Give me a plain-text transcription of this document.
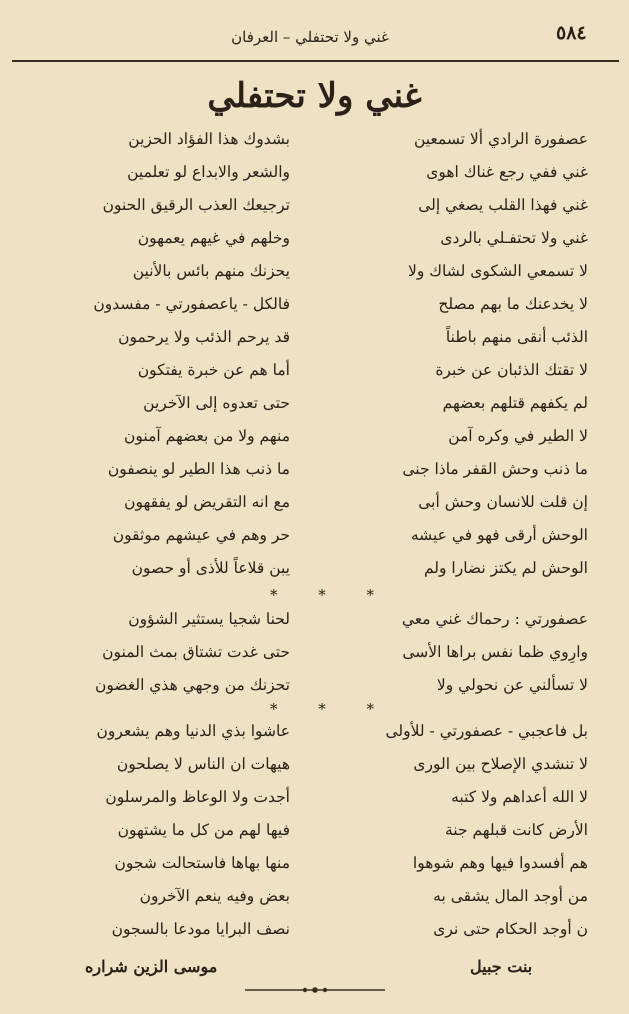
٥٨٤
غني ولا تحتفلي – العرفان
غني ولا تحتفلي
عصفورة الرادي ألا تسمعين
غني ففي رجع غناك اهوى
غني فهذا القلب يصغي إلى
غني ولا تحتفـلي بالردى
لا تسمعي الشكوى لشاك ولا
لا يخدعنك ما بهم مصلح
الذئب أنقى منهم باطناً
لا تقتك الذئبان عن خبرة
لم يكفهم قتلهم بعضهم
لا الطير في وكره آمن
ما ذنب وحش القفر ماذا جنى
إن قلت للانسان وحش أبى
الوحش أرقى فهو في عيشه
الوحش لم يكتز نضارا ولم
عصفورتي : رحماك غني معي
وارِوي ظما نفس براها الأسى
لا تسألني عن نحولي ولا
بل فاعجبي - عصفورتي - للأولى
لا تنشدي الإصلاح بين الورى
لا الله أعداهم ولا كتبه
الأرض كانت قبلهم جنة
هم أفسدوا فيها وهم شوهوا
من أوجد المال يشقى به
ن أوجد الحكام حتى نرى
بشدوك هذا الفؤاد الحزين
والشعر والابداع لو تعلمين
ترجيعك العذب الرقيق الحنون
وخلهم في غيهم يعمهون
يحزنك منهم بائس بالأنين
فالكل - ياعصفورتي - مفسدون
قد يرحم الذئب ولا يرحمون
أما هم عن خبرة يفتكون
حتى تعدوه إلى الآخرين
منهم ولا من بعضهم آمنون
ما ذنب هذا الطير لو ينصفون
مع انه التقريض لو يفقهون
حر وهم في عيشهم موثقون
يبن قلاعاً للأذى أو حصون
لحنا شجيا يستثير الشؤون
حتى غدت تشتاق بمث المنون
تحزنك من وجهي هذي الغضون
عاشوا بذي الدنيا وهم يشعرون
هيهات ان الناس لا يصلحون
أجدت ولا الوعاظ والمرسلون
فيها لهم من كل ما يشتهون
منها بهاها فاستحالت شجون
بعض وفيه ينعم الآخرون
نصف البرايا مودعا بالسجون
* * *
* * *
بنت جبيل
موسى الزين شراره
